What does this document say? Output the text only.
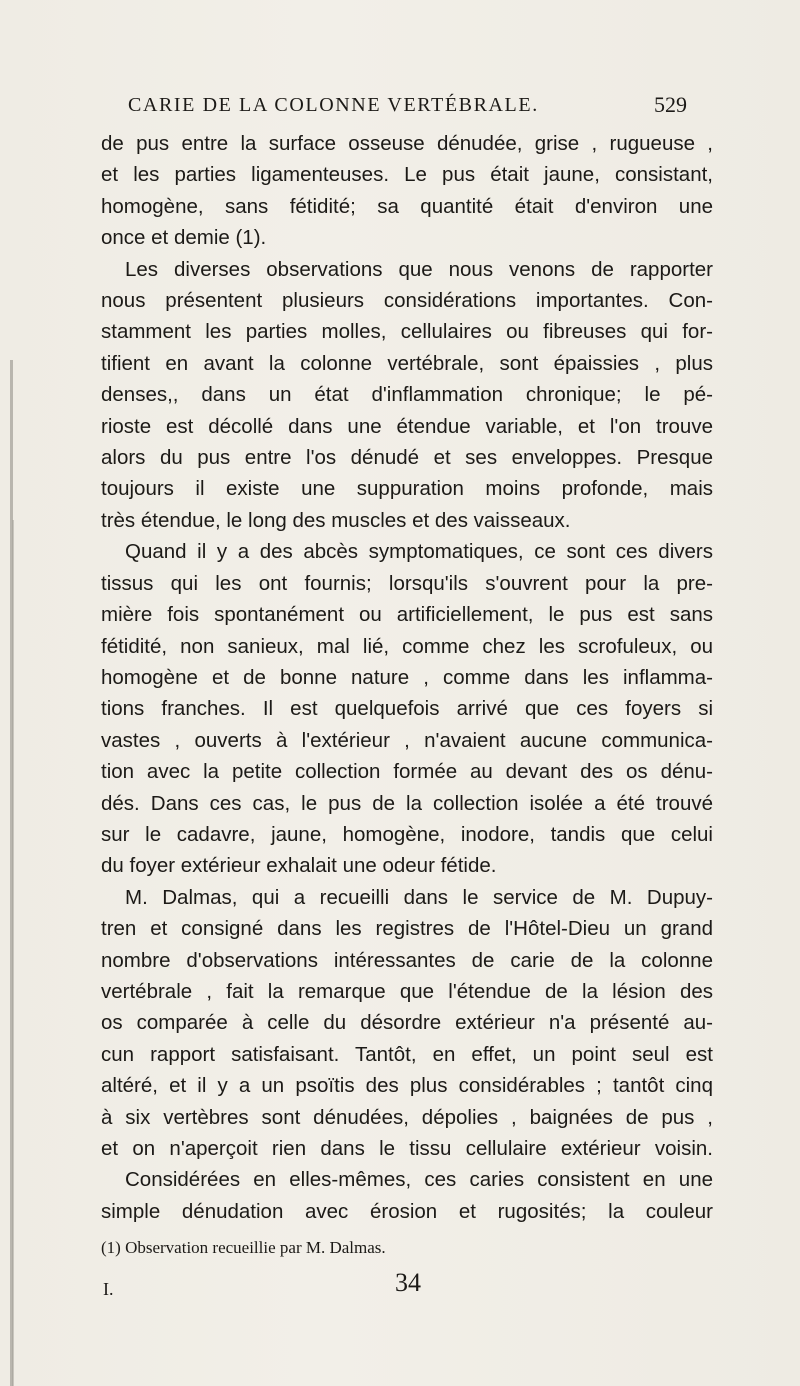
CARIE DE LA COLONNE VERTÉBRALE.	529
de pus entre la surface osseuse dénudée, grise , rugueuse ,
et les parties ligamenteuses. Le pus était jaune, consistant,
homogène, sans fétidité; sa quantité était d'environ une
once et demie (1).
Les diverses observations que nous venons de rapporter
nous présentent plusieurs considérations importantes. Con-
stamment les parties molles, cellulaires ou fibreuses qui for-
tifient en avant la colonne vertébrale, sont épaissies , plus
denses,, dans un état d'inflammation chronique; le pé-
rioste est décollé dans une étendue variable, et l'on trouve
alors du pus entre l'os dénudé et ses enveloppes. Presque
toujours il existe une suppuration moins profonde, mais
très étendue, le long des muscles et des vaisseaux.
Quand il y a des abcès symptomatiques, ce sont ces divers
tissus qui les ont fournis; lorsqu'ils s'ouvrent pour la pre-
mière fois spontanément ou artificiellement, le pus est sans
fétidité, non sanieux, mal lié, comme chez les scrofuleux, ou
homogène et de bonne nature , comme dans les inflamma-
tions franches. Il est quelquefois arrivé que ces foyers si
vastes , ouverts à l'extérieur , n'avaient aucune communica-
tion avec la petite collection formée au devant des os dénu-
dés. Dans ces cas, le pus de la collection isolée a été trouvé
sur le cadavre, jaune, homogène, inodore, tandis que celui
du foyer extérieur exhalait une odeur fétide.
M. Dalmas, qui a recueilli dans le service de M. Dupuy-
tren et consigné dans les registres de l'Hôtel-Dieu un grand
nombre d'observations intéressantes de carie de la colonne
vertébrale , fait la remarque que l'étendue de la lésion des
os comparée à celle du désordre extérieur n'a présenté au-
cun rapport satisfaisant. Tantôt, en effet, un point seul est
altéré, et il y a un psoïtis des plus considérables ; tantôt cinq
à six vertèbres sont dénudées, dépolies , baignées de pus ,
et on n'aperçoit rien dans le tissu cellulaire extérieur voisin.
Considérées en elles-mêmes, ces caries consistent en une
simple dénudation avec érosion et rugosités; la couleur
(1) Observation recueillie par M. Dalmas.
I.	34
